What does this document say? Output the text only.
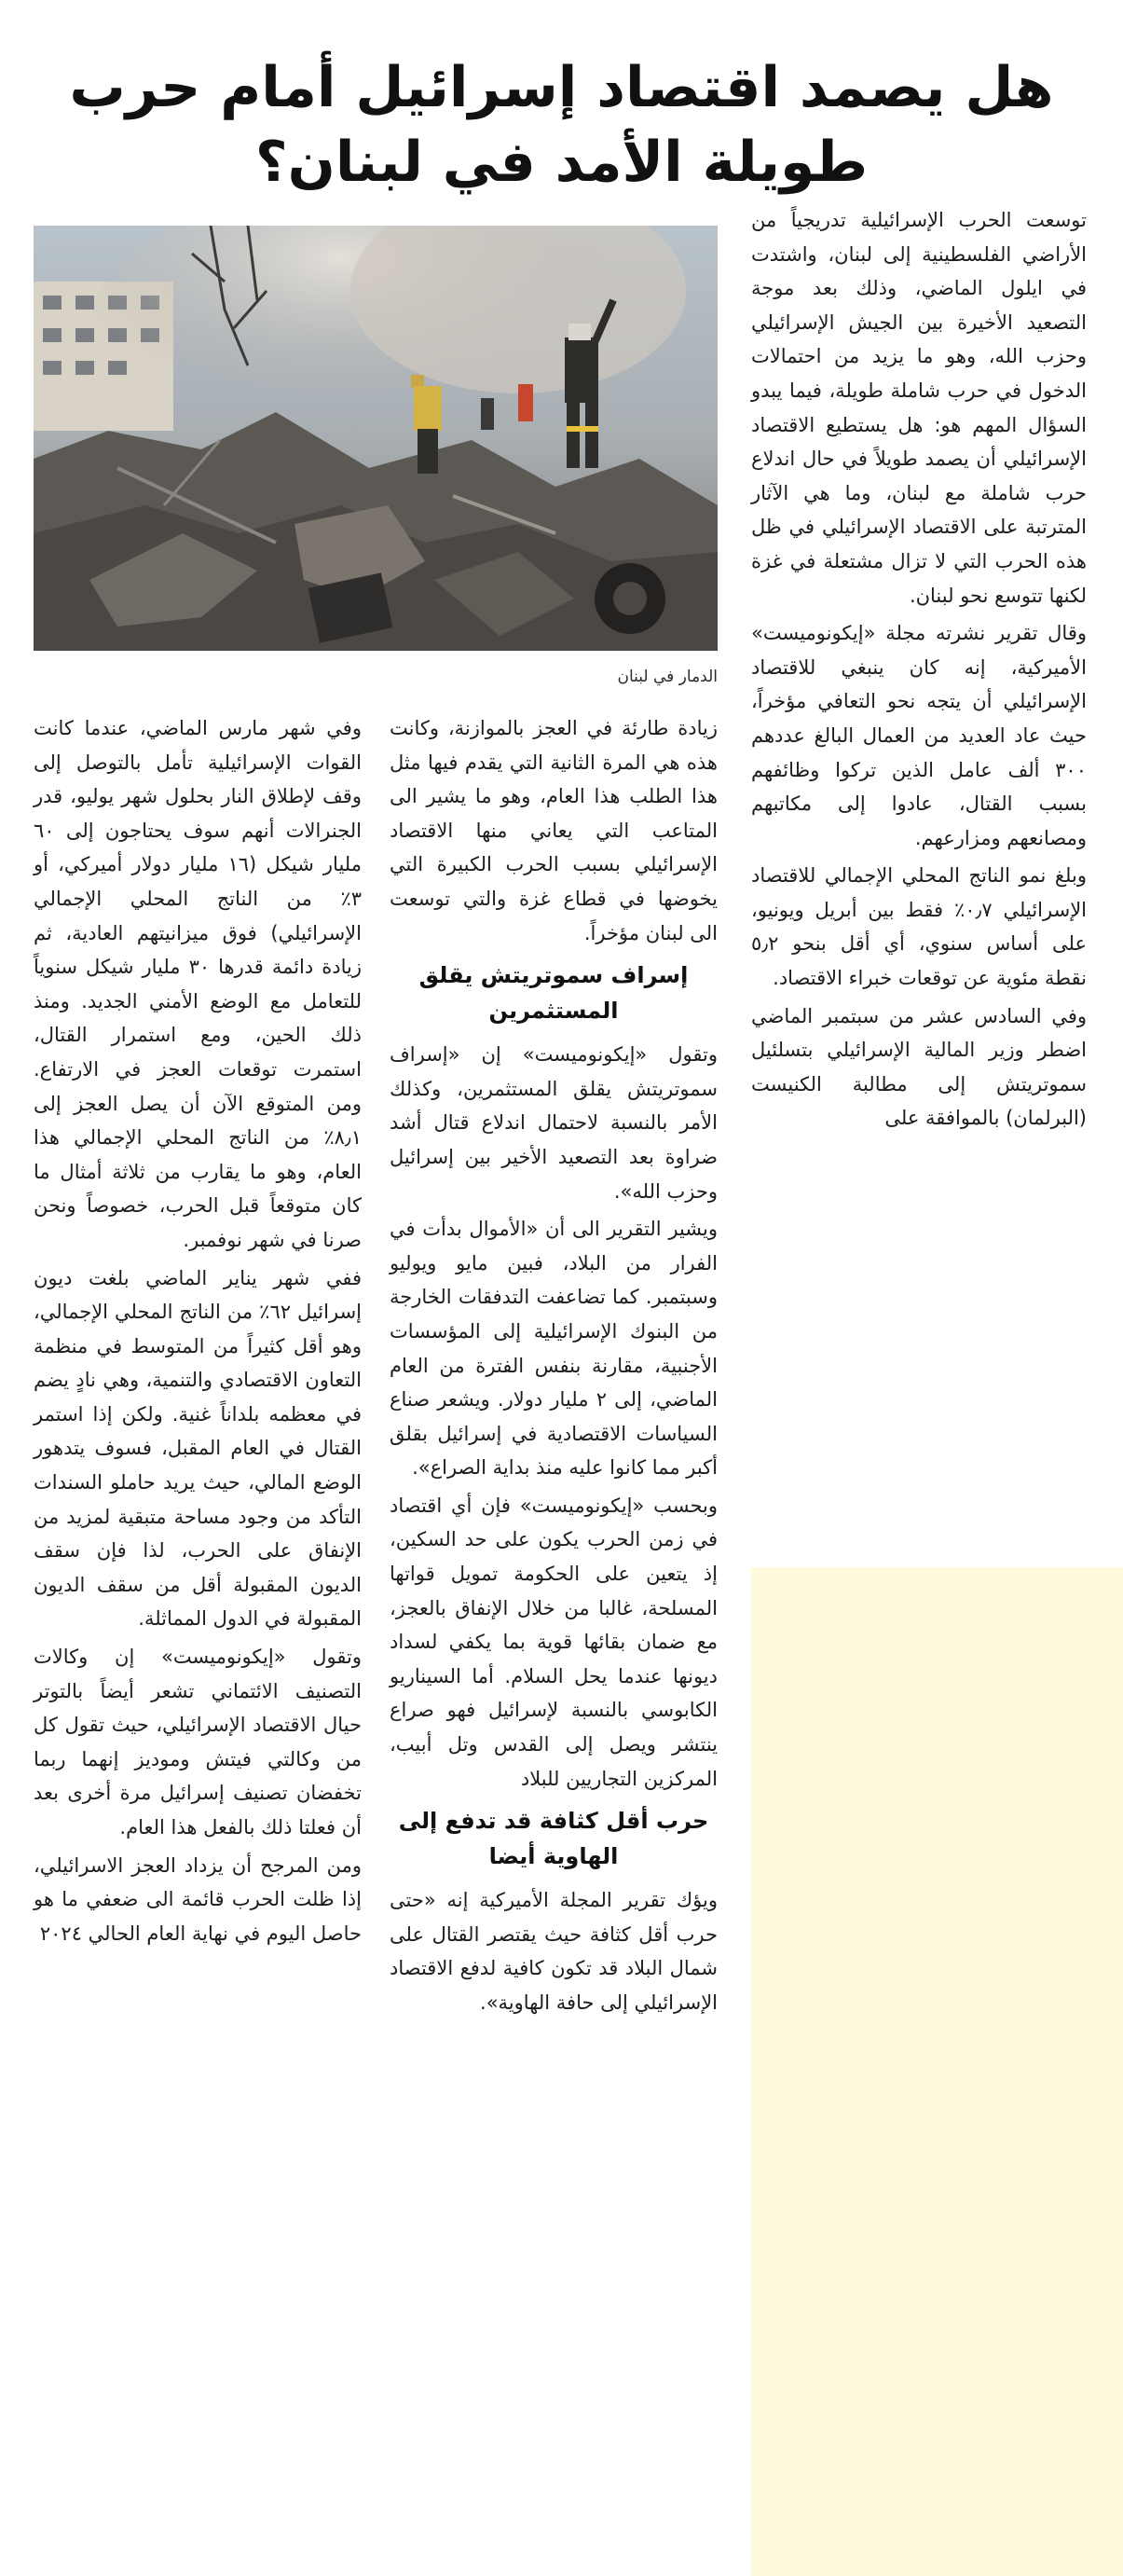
هل يصمد اقتصاد إسرائيل أمام حرب
طويلة الأمد في لبنان؟
الدمار في لبنان

توسعت الحرب الإسرائيلية تدريجياً من الأراضي الفلسطينية إلى لبنان، واشتدت في ايلول الماضي، وذلك بعد موجة التصعيد الأخيرة بين الجيش الإسرائيلي وحزب الله، وهو ما يزيد من احتمالات الدخول في حرب شاملة طويلة، فيما يبدو السؤال المهم هو: هل يستطيع الاقتصاد الإسرائيلي أن يصمد طويلاً في حال اندلاع حرب شاملة مع لبنان، وما هي الآثار المترتبة على الاقتصاد الإسرائيلي في ظل هذه الحرب التي لا تزال مشتعلة في غزة لكنها تتوسع نحو لبنان.

وقال تقرير نشرته مجلة «إيكونوميست» الأميركية، إنه كان ينبغي للاقتصاد الإسرائيلي أن يتجه نحو التعافي مؤخراً، حيث عاد العديد من العمال البالغ عددهم ٣٠٠ ألف عامل الذين تركوا وظائفهم بسبب القتال، عادوا إلى مكاتبهم ومصانعهم ومزارعهم.

وبلغ نمو الناتج المحلي الإجمالي للاقتصاد الإسرائيلي ٠٫٧٪ فقط بين أبريل ويونيو، على أساس سنوي، أي أقل بنحو ٥٫٢ نقطة مئوية عن توقعات خبراء الاقتصاد.

وفي السادس عشر من سبتمبر الماضي اضطر وزير المالية الإسرائيلي بتسلئيل سموتريتش إلى مطالبة الكنيست (البرلمان) بالموافقة على

زيادة طارئة في العجز بالموازنة، وكانت هذه هي المرة الثانية التي يقدم فيها مثل هذا الطلب هذا العام، وهو ما يشير الى المتاعب التي يعاني منها الاقتصاد الإسرائيلي بسبب الحرب الكبيرة التي يخوضها في قطاع غزة والتي توسعت الى لبنان مؤخراً.

إسراف سموتريتش يقلق المستثمرين

وتقول «إيكونوميست» إن «إسراف سموتريتش يقلق المستثمرين، وكذلك الأمر بالنسبة لاحتمال اندلاع قتال أشد ضراوة بعد التصعيد الأخير بين إسرائيل وحزب الله».

ويشير التقرير الى أن «الأموال بدأت في الفرار من البلاد، فبين مايو ويوليو وسبتمبر. كما تضاعفت التدفقات الخارجة من البنوك الإسرائيلية إلى المؤسسات الأجنبية، مقارنة بنفس الفترة من العام الماضي، إلى ٢ مليار دولار. ويشعر صناع السياسات الاقتصادية في إسرائيل بقلق أكبر مما كانوا عليه منذ بداية الصراع».

وبحسب «إيكونوميست» فإن أي اقتصاد في زمن الحرب يكون على حد السكين، إذ يتعين على الحكومة تمويل قواتها المسلحة، غالبا من خلال الإنفاق بالعجز، مع ضمان بقائها قوية بما يكفي لسداد ديونها عندما يحل السلام. أما السيناريو الكابوسي بالنسبة لإسرائيل فهو صراع ينتشر ويصل إلى القدس وتل أبيب، المركزين التجاريين للبلاد

حرب أقل كثافة قد تدفع إلى الهاوية أيضا

ويؤك تقرير المجلة الأميركية إنه «حتى حرب أقل كثافة حيث يقتصر القتال على شمال البلاد قد تكون كافية لدفع الاقتصاد الإسرائيلي إلى حافة الهاوية».

وفي شهر مارس الماضي، عندما كانت القوات الإسرائيلية تأمل بالتوصل إلى وقف لإطلاق النار بحلول شهر يوليو، قدر الجنرالات أنهم سوف يحتاجون إلى ٦٠ مليار شيكل (١٦ مليار دولار أميركي، أو ٣٪ من الناتج المحلي الإجمالي الإسرائيلي) فوق ميزانيتهم العادية، ثم زيادة دائمة قدرها ٣٠ مليار شيكل سنوياً للتعامل مع الوضع الأمني الجديد. ومنذ ذلك الحين، ومع استمرار القتال، استمرت توقعات العجز في الارتفاع. ومن المتوقع الآن أن يصل العجز إلى ٨٫١٪ من الناتج المحلي الإجمالي هذا العام، وهو ما يقارب من ثلاثة أمثال ما كان متوقعاً قبل الحرب، خصوصاً ونحن صرنا في شهر نوفمبر.

ففي شهر يناير الماضي بلغت ديون إسرائيل ٦٢٪ من الناتج المحلي الإجمالي، وهو أقل كثيراً من المتوسط في منظمة التعاون الاقتصادي والتنمية، وهي نادٍ يضم في معظمه بلداناً غنية. ولكن إذا استمر القتال في العام المقبل، فسوف يتدهور الوضع المالي، حيث يريد حاملو السندات التأكد من وجود مساحة متبقية لمزيد من الإنفاق على الحرب، لذا فإن سقف الديون المقبولة أقل من سقف الديون المقبولة في الدول المماثلة.

وتقول «إيكونوميست» إن وكالات التصنيف الائتماني تشعر أيضاً بالتوتر حيال الاقتصاد الإسرائيلي، حيث تقول كل من وكالتي فيتش وموديز إنهما ربما تخفضان تصنيف إسرائيل مرة أخرى بعد أن فعلتا ذلك بالفعل هذا العام.

ومن المرجح أن يزداد العجز الاسرائيلي، إذا ظلت الحرب قائمة الى ضعفي ما هو حاصل اليوم في نهاية العام الحالي ٢٠٢٤
